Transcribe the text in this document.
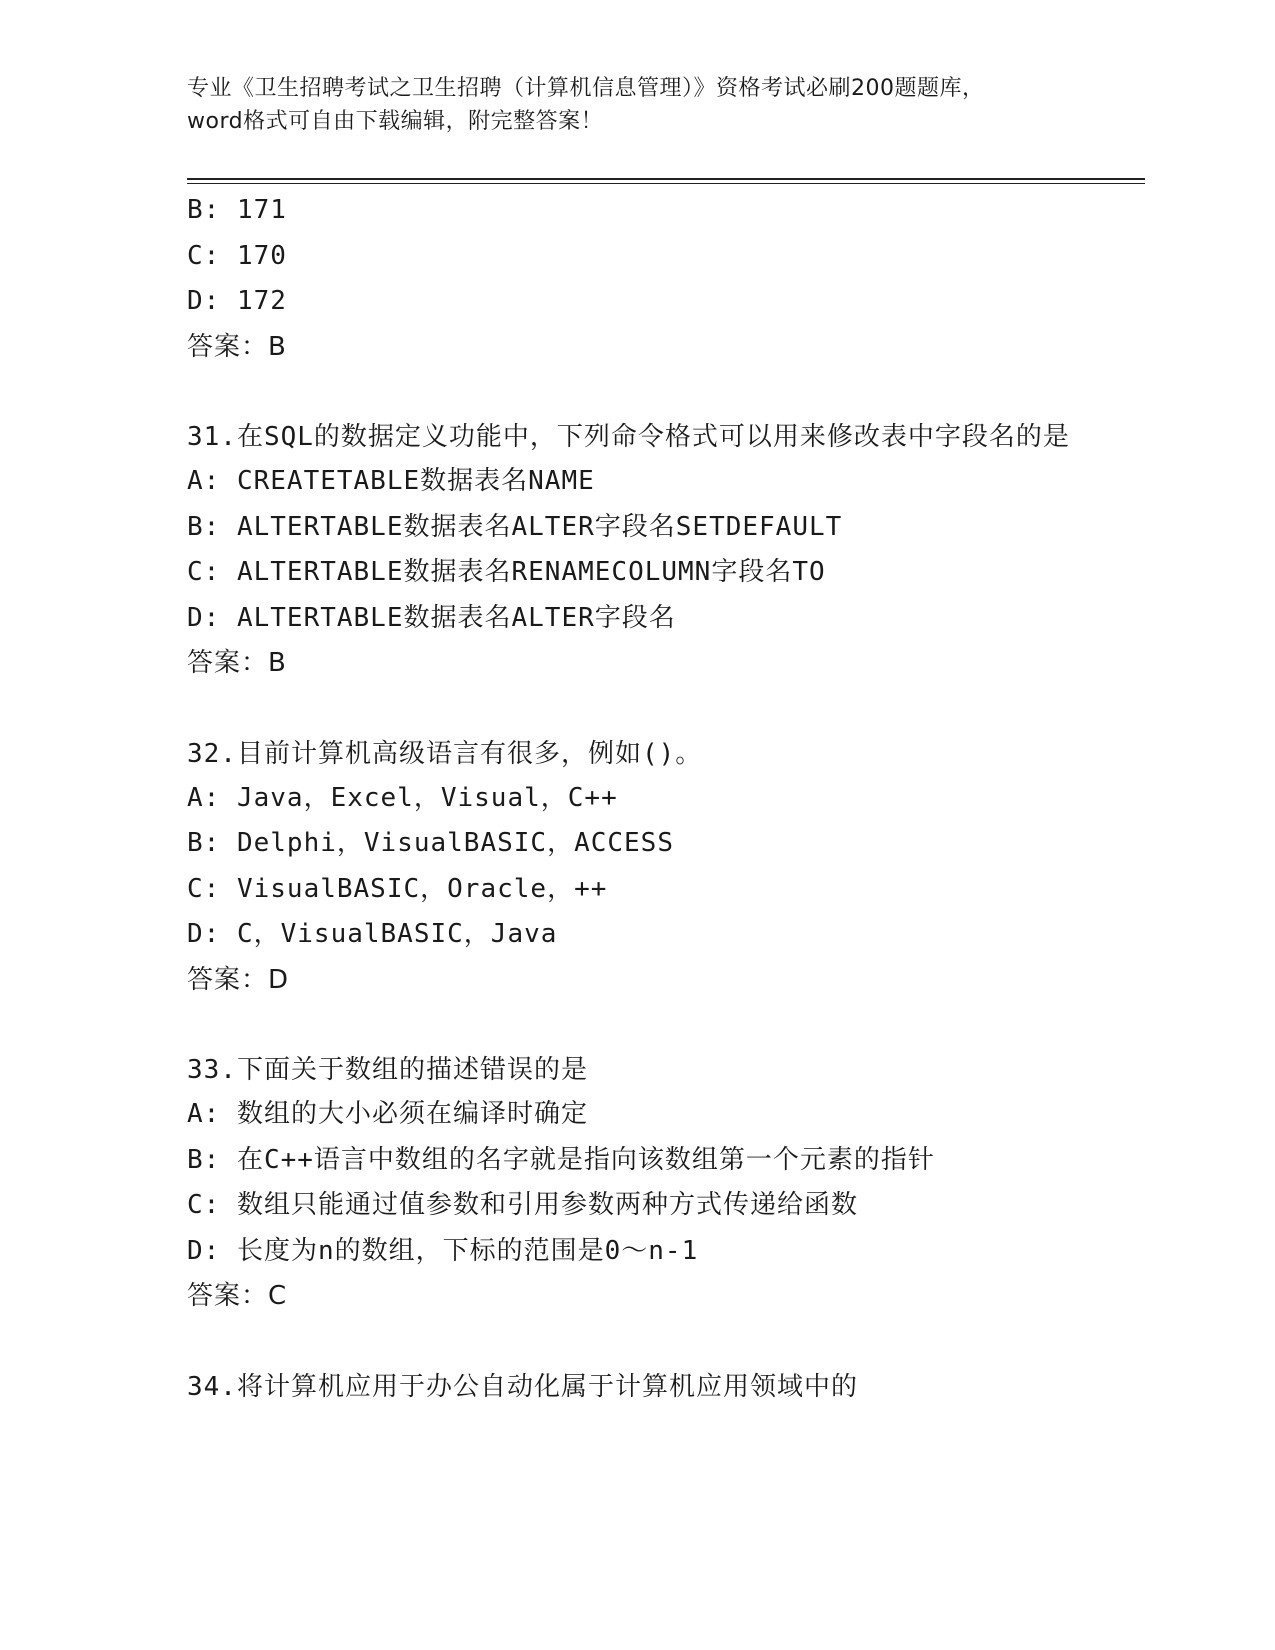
专业《卫生招聘考试之卫生招聘（计算机信息管理）》资格考试必刷200题题库，
word格式可自由下载编辑，附完整答案！
B: 171
C: 170
D: 172
答案：B
31.在SQL的数据定义功能中，下列命令格式可以用来修改表中字段名的是
A: CREATETABLE数据表名NAME
B: ALTERTABLE数据表名ALTER字段名SETDEFAULT
C: ALTERTABLE数据表名RENAMECOLUMN字段名TO
D: ALTERTABLE数据表名ALTER字段名
答案：B
32.目前计算机高级语言有很多，例如()。
A: Java，Excel，Visual，C++
B: Delphi，VisualBASIC，ACCESS
C: VisualBASIC，Oracle，++
D: C，VisualBASIC，Java
答案：D
33.下面关于数组的描述错误的是
A: 数组的大小必须在编译时确定
B: 在C++语言中数组的名字就是指向该数组第一个元素的指针
C: 数组只能通过值参数和引用参数两种方式传递给函数
D: 长度为n的数组，下标的范围是0～n-1
答案：C
34.将计算机应用于办公自动化属于计算机应用领域中的
